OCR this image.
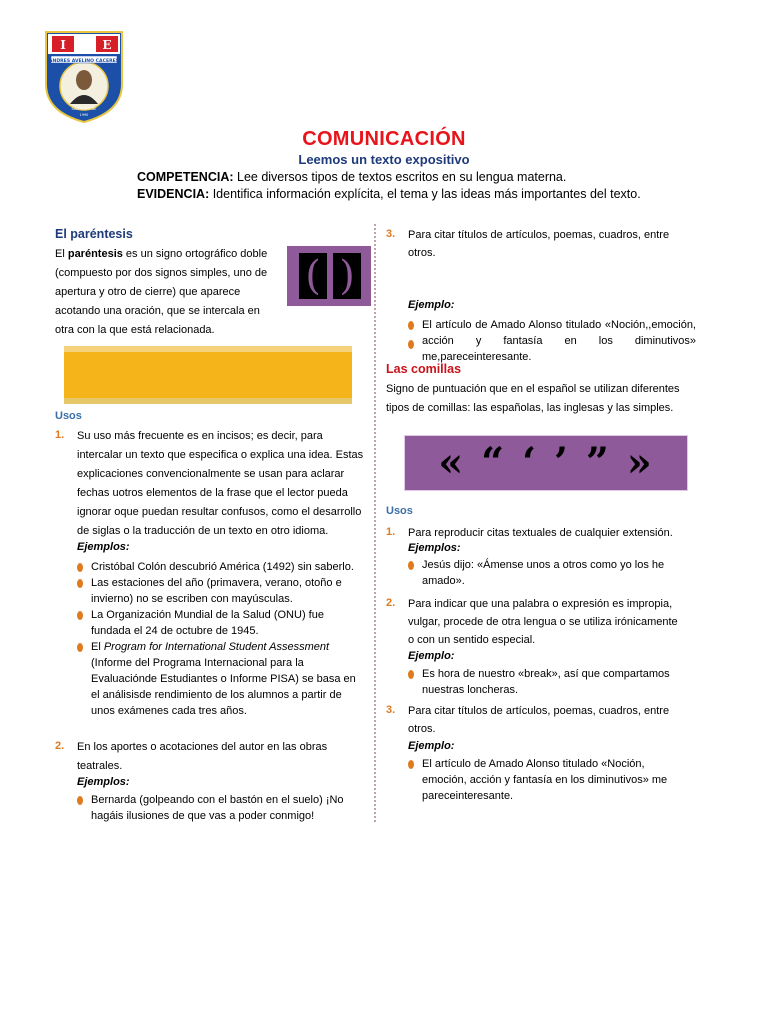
I	E
"ANDRES AVELINO CACERES"
SANTIAGO DE
1990
COMUNICACIÓN
Leemos un texto expositivo
COMPETENCIA: Lee diversos tipos de textos escritos en su lengua materna.
EVIDENCIA: Identifica información explícita, el tema y las ideas más importantes del texto.
El paréntesis
El paréntesis es un signo ortográfico doble
(compuesto por dos signos simples, uno de
apertura y otro de cierre) que aparece
acotando una oración, que se intercala en
otra con la que está relacionada.
( )
Usos
1. Su uso más frecuente es en incisos; es decir, para
intercalar un texto que especifica o explica una idea. Estas
explicaciones convencionalmente se usan para aclarar
fechas uotros elementos de la frase que el lector pueda
ignorar oque puedan resultar confusos, como el desarrollo
de siglas o la traducción de un texto en otro idioma.
Ejemplos:
Cristóbal Colón descubrió América (1492) sin saberlo.
Las estaciones del año (primavera, verano, otoño e
invierno) no se escriben con mayúsculas.
La Organización Mundial de la Salud (ONU) fue
fundada el 24 de octubre de 1945.
El Program for International Student Assessment
(Informe del Programa Internacional para la
Evaluaciónde Estudiantes o Informe PISA) se basa en
el análisisde rendimiento de los alumnos a partir de
unos exámenes cada tres años.
2. En los aportes o acotaciones del autor en las obras
teatrales.
Ejemplos:
Bernarda (golpeando con el bastón en el suelo) ¡No
hagáis ilusiones de que vas a poder conmigo!
3. Para citar títulos de artículos, poemas, cuadros, entre
otros.
Ejemplo:
El artículo de Amado Alonso titulado «Noción,,emoción, acción y fantasía en los diminutivos» me,pareceinteresante.
Las comillas
Signo de puntuación que en el español se utilizan diferentes
tipos de comillas: las españolas, las inglesas y las simples.
« “ ‘ ’ ” »
Usos
1. Para reproducir citas textuales de cualquier extensión.
Ejemplos:
Jesús dijo: «Ámense unos a otros como yo los he
amado».
2. Para indicar que una palabra o expresión es impropia,
vulgar, procede de otra lengua o se utiliza irónicamente
o con un sentido especial.
Ejemplo:
Es hora de nuestro «break», así que compartamos
nuestras loncheras.
3. Para citar títulos de artículos, poemas, cuadros, entre
otros.
Ejemplo:
El artículo de Amado Alonso titulado «Noción,
emoción, acción y fantasía en los diminutivos» me
pareceinteresante.
